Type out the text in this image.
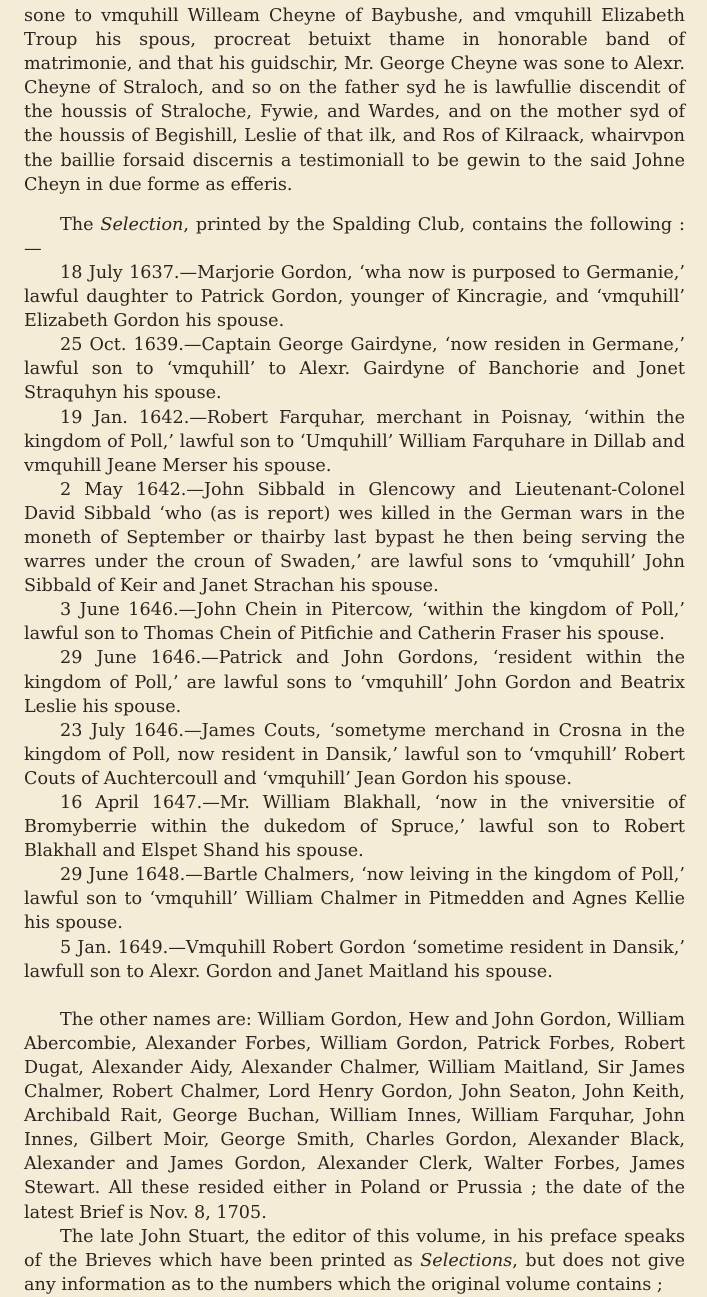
sone to vmquhill Willeam Cheyne of Baybushe, and vmquhill Elizabeth Troup his spous, procreat betuixt thame in honorable band of matrimonie, and that his guidschir, Mr. George Cheyne was sone to Alexr. Cheyne of Straloch, and so on the father syd he is lawfullie discendit of the houssis of Straloche, Fywie, and Wardes, and on the mother syd of the houssis of Begishill, Leslie of that ilk, and Ros of Kilraack, whairvpon the baillie forsaid discernis a testimoniall to be gewin to the said Johne Cheyn in due forme as efferis.

The Selection, printed by the Spalding Club, contains the following :—

18 July 1637.—Marjorie Gordon, ‘wha now is purposed to Germanie,’ lawful daughter to Patrick Gordon, younger of Kincragie, and ‘vmquhill’ Elizabeth Gordon his spouse.

25 Oct. 1639.—Captain George Gairdyne, ‘now residen in Germane,’ lawful son to ‘vmquhill’ to Alexr. Gairdyne of Banchorie and Jonet Straquhyn his spouse.

19 Jan. 1642.—Robert Farquhar, merchant in Poisnay, ‘within the kingdom of Poll,’ lawful son to ‘Umquhill’ William Farquhare in Dillab and vmquhill Jeane Merser his spouse.

2 May 1642.—John Sibbald in Glencowy and Lieutenant-Colonel David Sibbald ‘who (as is report) wes killed in the German wars in the moneth of September or thairby last bypast he then being serving the warres under the croun of Swaden,’ are lawful sons to ‘vmquhill’ John Sibbald of Keir and Janet Strachan his spouse.

3 June 1646.—John Chein in Pitercow, ‘within the kingdom of Poll,’ lawful son to Thomas Chein of Pitfichie and Catherin Fraser his spouse.

29 June 1646.—Patrick and John Gordons, ‘resident within the kingdom of Poll,’ are lawful sons to ‘vmquhill’ John Gordon and Beatrix Leslie his spouse.

23 July 1646.—James Couts, ‘sometyme merchand in Crosna in the kingdom of Poll, now resident in Dansik,’ lawful son to ‘vmquhill’ Robert Couts of Auchtercoull and ‘vmquhill’ Jean Gordon his spouse.

16 April 1647.—Mr. William Blakhall, ‘now in the vniversitie of Bromyberrie within the dukedom of Spruce,’ lawful son to Robert Blakhall and Elspet Shand his spouse.

29 June 1648.—Bartle Chalmers, ‘now leiving in the kingdom of Poll,’ lawful son to ‘vmquhill’ William Chalmer in Pitmedden and Agnes Kellie his spouse.

5 Jan. 1649.—Vmquhill Robert Gordon ‘sometime resident in Dansik,’ lawfull son to Alexr. Gordon and Janet Maitland his spouse.

The other names are: William Gordon, Hew and John Gordon, William Abercombie, Alexander Forbes, William Gordon, Patrick Forbes, Robert Dugat, Alexander Aidy, Alexander Chalmer, William Maitland, Sir James Chalmer, Robert Chalmer, Lord Henry Gordon, John Seaton, John Keith, Archibald Rait, George Buchan, William Innes, William Farquhar, John Innes, Gilbert Moir, George Smith, Charles Gordon, Alexander Black, Alexander and James Gordon, Alexander Clerk, Walter Forbes, James Stewart. All these resided either in Poland or Prussia ; the date of the latest Brief is Nov. 8, 1705.

The late John Stuart, the editor of this volume, in his preface speaks of the Brieves which have been printed as Selections, but does not give any information as to the numbers which the original volume contains ;
